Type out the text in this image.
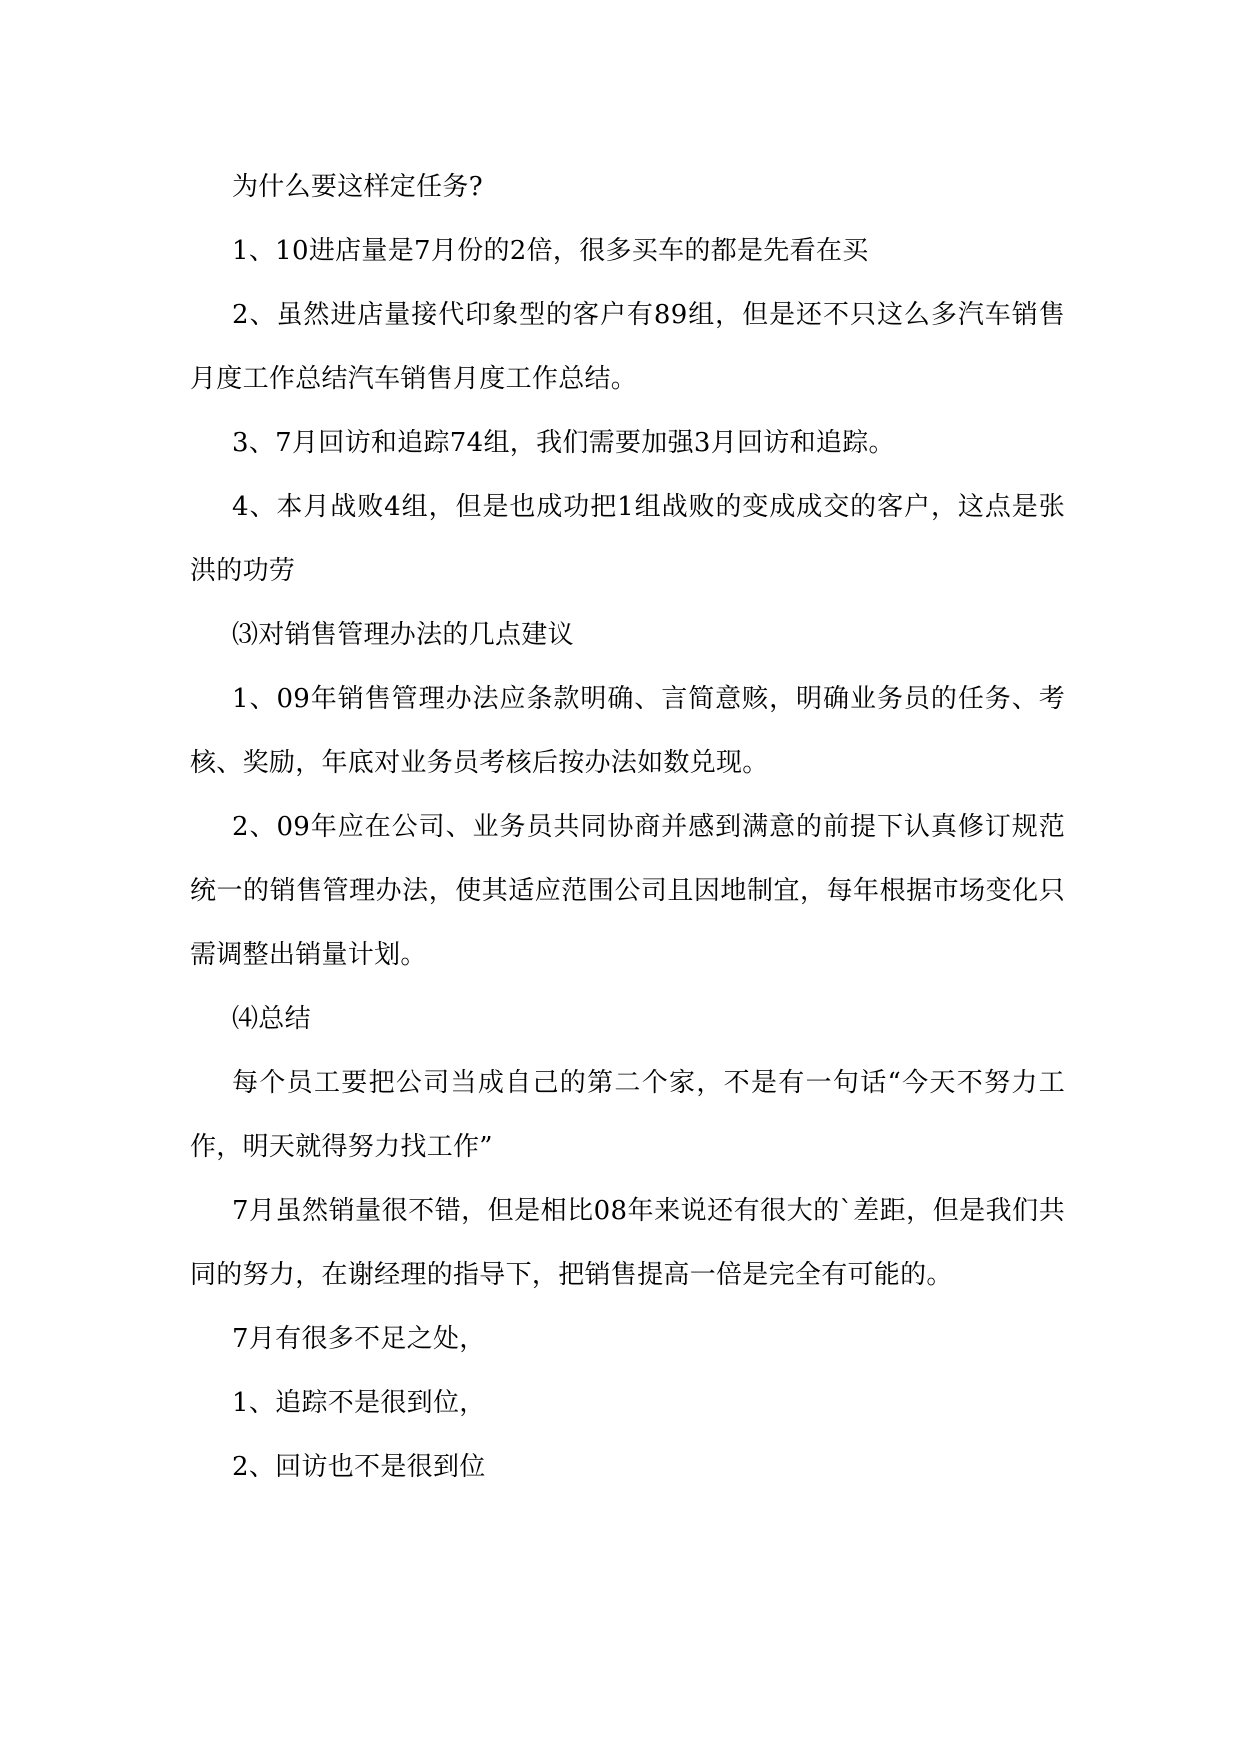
为什么要这样定任务?

1、10进店量是7月份的2倍，很多买车的都是先看在买

2、虽然进店量接代印象型的客户有89组，但是还不只这么多汽车销售月度工作总结汽车销售月度工作总结。

3、7月回访和追踪74组，我们需要加强3月回访和追踪。

4、本月战败4组，但是也成功把1组战败的变成成交的客户，这点是张洪的功劳

⑶对销售管理办法的几点建议

1、09年销售管理办法应条款明确、言简意赅，明确业务员的任务、考核、奖励，年底对业务员考核后按办法如数兑现。

2、09年应在公司、业务员共同协商并感到满意的前提下认真修订规范统一的销售管理办法，使其适应范围公司且因地制宜，每年根据市场变化只需调整出销量计划。

⑷总结

每个员工要把公司当成自己的第二个家，不是有一句话“今天不努力工作，明天就得努力找工作”

7月虽然销量很不错，但是相比08年来说还有很大的`差距，但是我们共同的努力，在谢经理的指导下，把销售提高一倍是完全有可能的。

7月有很多不足之处，

1、追踪不是很到位，

2、回访也不是很到位
